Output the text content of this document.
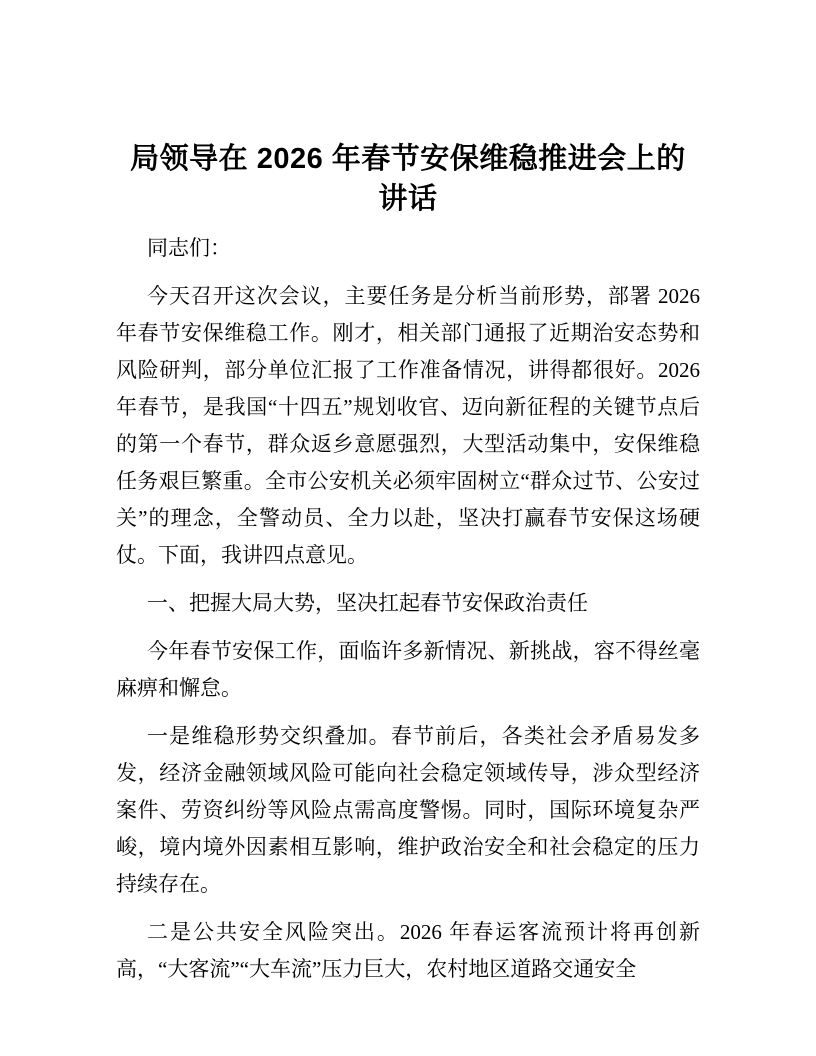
局领导在 2026 年春节安保维稳推进会上的讲话

同志们：

今天召开这次会议，主要任务是分析当前形势，部署 2026 年春节安保维稳工作。刚才，相关部门通报了近期治安态势和风险研判，部分单位汇报了工作准备情况，讲得都很好。2026 年春节，是我国“十四五”规划收官、迈向新征程的关键节点后的第一个春节，群众返乡意愿强烈，大型活动集中，安保维稳任务艰巨繁重。全市公安机关必须牢固树立“群众过节、公安过关”的理念，全警动员、全力以赴，坚决打赢春节安保这场硬仗。下面，我讲四点意见。

一、把握大局大势，坚决扛起春节安保政治责任

今年春节安保工作，面临许多新情况、新挑战，容不得丝毫麻痹和懈怠。

一是维稳形势交织叠加。春节前后，各类社会矛盾易发多发，经济金融领域风险可能向社会稳定领域传导，涉众型经济案件、劳资纠纷等风险点需高度警惕。同时，国际环境复杂严峻，境内境外因素相互影响，维护政治安全和社会稳定的压力持续存在。

二是公共安全风险突出。2026 年春运客流预计将再创新高，“大客流”“大车流”压力巨大，农村地区道路交通安全
